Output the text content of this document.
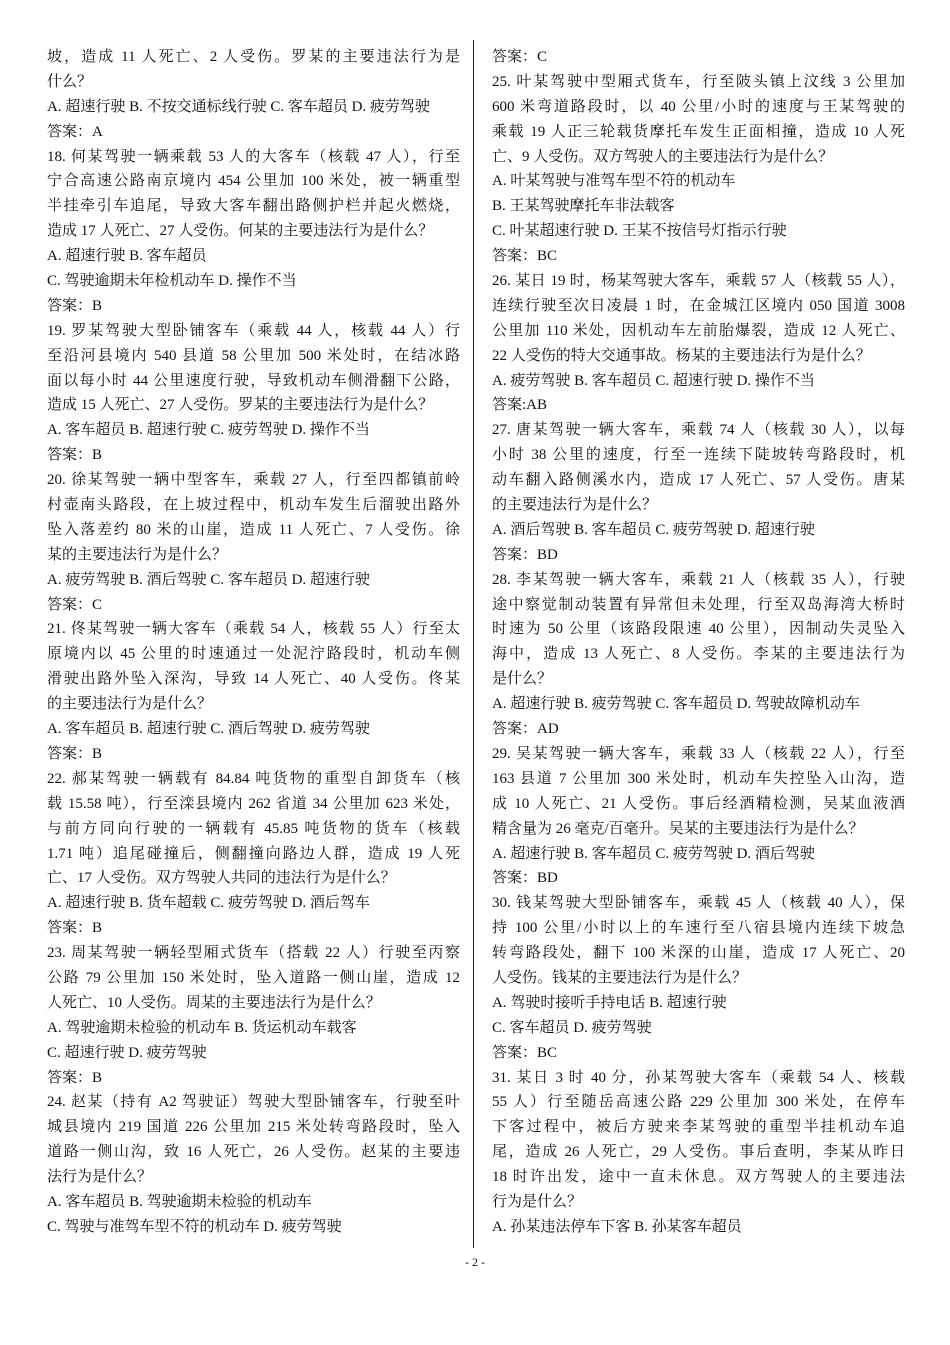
坡，造成 11 人死亡、2 人受伤。罗某的主要违法行为是
什么？
A. 超速行驶 B. 不按交通标线行驶 C. 客车超员 D. 疲劳驾驶
答案：A
18. 何某驾驶一辆乘载 53 人的大客车（核载 47 人），行至
宁合高速公路南京境内 454 公里加 100 米处，被一辆重型
半挂牵引车追尾，导致大客车翻出路侧护栏并起火燃烧，
造成 17 人死亡、27 人受伤。何某的主要违法行为是什么？
A. 超速行驶 B. 客车超员
C. 驾驶逾期未年检机动车 D. 操作不当
答案：B
19. 罗某驾驶大型卧铺客车（乘载 44 人，核载 44 人）行
至沿河县境内 540 县道 58 公里加 500 米处时，在结冰路
面以每小时 44 公里速度行驶，导致机动车侧滑翻下公路，
造成 15 人死亡、27 人受伤。罗某的主要违法行为是什么？
A. 客车超员 B. 超速行驶 C. 疲劳驾驶 D. 操作不当
答案：B
20. 徐某驾驶一辆中型客车，乘载 27 人，行至四都镇前岭
村壶南头路段，在上坡过程中，机动车发生后溜驶出路外
坠入落差约 80 米的山崖，造成 11 人死亡、7 人受伤。徐
某的主要违法行为是什么？
A. 疲劳驾驶 B. 酒后驾驶 C. 客车超员 D. 超速行驶
答案：C
21. 佟某驾驶一辆大客车（乘载 54 人，核载 55 人）行至太
原境内以 45 公里的时速通过一处泥泞路段时，机动车侧
滑驶出路外坠入深沟，导致 14 人死亡、40 人受伤。佟某
的主要违法行为是什么？
A. 客车超员 B. 超速行驶 C. 酒后驾驶 D. 疲劳驾驶
答案：B
22. 郝某驾驶一辆载有 84.84 吨货物的重型自卸货车（核
载 15.58 吨），行至滦县境内 262 省道 34 公里加 623 米处，
与前方同向行驶的一辆载有 45.85 吨货物的货车（核载
1.71 吨）追尾碰撞后，侧翻撞向路边人群，造成 19 人死
亡、17 人受伤。双方驾驶人共同的违法行为是什么？
A. 超速行驶 B. 货车超载 C. 疲劳驾驶 D. 酒后驾车
答案：B
23. 周某驾驶一辆轻型厢式货车（搭载 22 人）行驶至丙察
公路 79 公里加 150 米处时，坠入道路一侧山崖，造成 12
人死亡、10 人受伤。周某的主要违法行为是什么？
A. 驾驶逾期未检验的机动车 B. 货运机动车载客
C. 超速行驶 D. 疲劳驾驶
答案：B
24. 赵某（持有 A2 驾驶证）驾驶大型卧铺客车，行驶至叶
城县境内 219 国道 226 公里加 215 米处转弯路段时，坠入
道路一侧山沟，致 16 人死亡，26 人受伤。赵某的主要违
法行为是什么？
A. 客车超员 B. 驾驶逾期未检验的机动车
C. 驾驶与准驾车型不符的机动车 D. 疲劳驾驶
答案：C
25. 叶某驾驶中型厢式货车，行至陂头镇上汶线 3 公里加
600 米弯道路段时，以 40 公里/小时的速度与王某驾驶的
乘载 19 人正三轮载货摩托车发生正面相撞，造成 10 人死
亡、9 人受伤。双方驾驶人的主要违法行为是什么？
A. 叶某驾驶与准驾车型不符的机动车
B. 王某驾驶摩托车非法载客
C. 叶某超速行驶 D. 王某不按信号灯指示行驶
答案：BC
26. 某日 19 时，杨某驾驶大客车，乘载 57 人（核载 55 人），
连续行驶至次日凌晨 1 时，在金城江区境内 050 国道 3008
公里加 110 米处，因机动车左前胎爆裂，造成 12 人死亡、
22 人受伤的特大交通事故。杨某的主要违法行为是什么？
A. 疲劳驾驶 B. 客车超员 C. 超速行驶 D. 操作不当
答案:AB
27. 唐某驾驶一辆大客车，乘载 74 人（核载 30 人），以每
小时 38 公里的速度，行至一连续下陡坡转弯路段时，机
动车翻入路侧溪水内，造成 17 人死亡、57 人受伤。唐某
的主要违法行为是什么？
A. 酒后驾驶 B. 客车超员 C. 疲劳驾驶 D. 超速行驶
答案：BD
28. 李某驾驶一辆大客车，乘载 21 人（核载 35 人），行驶
途中察觉制动装置有异常但未处理，行至双岛海湾大桥时
时速为 50 公里（该路段限速 40 公里），因制动失灵坠入
海中，造成 13 人死亡、8 人受伤。李某的主要违法行为
是什么？
A. 超速行驶 B. 疲劳驾驶 C. 客车超员 D. 驾驶故障机动车
答案：AD
29. 吴某驾驶一辆大客车，乘载 33 人（核载 22 人），行至
163 县道 7 公里加 300 米处时，机动车失控坠入山沟，造
成 10 人死亡、21 人受伤。事后经酒精检测，吴某血液酒
精含量为 26 毫克/百毫升。吴某的主要违法行为是什么？
A. 超速行驶 B. 客车超员 C. 疲劳驾驶 D. 酒后驾驶
答案：BD
30. 钱某驾驶大型卧铺客车，乘载 45 人（核载 40 人），保
持 100 公里/小时以上的车速行至八宿县境内连续下坡急
转弯路段处，翻下 100 米深的山崖，造成 17 人死亡、20
人受伤。钱某的主要违法行为是什么？
A. 驾驶时接听手持电话 B. 超速行驶
C. 客车超员 D. 疲劳驾驶
答案：BC
31. 某日 3 时 40 分，孙某驾驶大客车（乘载 54 人、核载
55 人）行至随岳高速公路 229 公里加 300 米处，在停车
下客过程中，被后方驶来李某驾驶的重型半挂机动车追
尾，造成 26 人死亡，29 人受伤。事后查明，李某从昨日
18 时许出发，途中一直未休息。双方驾驶人的主要违法
行为是什么？
A. 孙某违法停车下客 B. 孙某客车超员
- 2 -
